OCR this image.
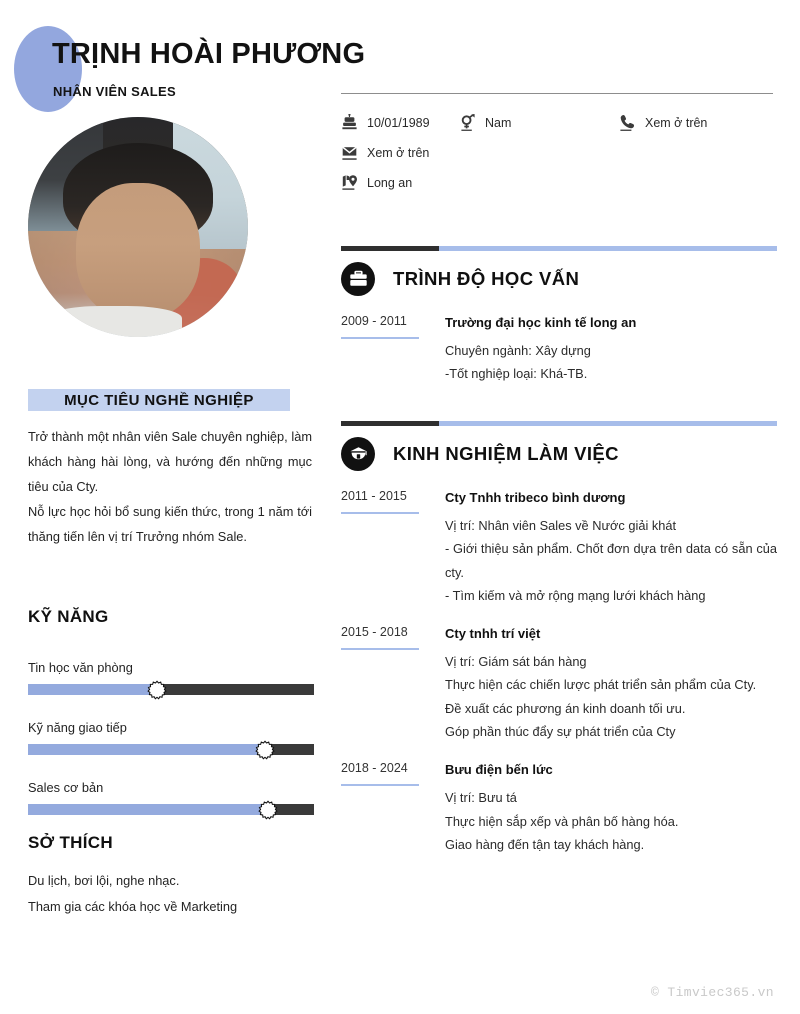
TRỊNH HOÀI PHƯƠNG
NHÂN VIÊN SALES
10/01/1989	Nam	Xem ở trên
Xem ở trên
Long an
TRÌNH ĐỘ HỌC VẤN
2009 - 2011	Trường đại học kinh tế long an
Chuyên ngành: Xây dựng
-Tốt nghiệp loại: Khá-TB.
KINH NGHIỆM LÀM VIỆC
2011 - 2015	Cty Tnhh tribeco bình dương
Vị trí: Nhân viên Sales về Nước giải khát
- Giới thiệu sản phẩm. Chốt đơn dựa trên data có sẵn của cty.
- Tìm kiếm và mở rộng mạng lưới khách hàng
2015 - 2018	Cty tnhh trí việt
Vị trí: Giám sát bán hàng
Thực hiện các chiến lược phát triển sản phẩm của Cty.
Đề xuất các phương án kinh doanh tối ưu.
Góp phần thúc đẩy sự phát triển của Cty
2018 - 2024	Bưu điện bến lức
Vị trí: Bưu tá
Thực hiện sắp xếp và phân bố hàng hóa.
Giao hàng đến tận tay khách hàng.
MỤC TIÊU NGHỀ NGHIỆP

Trở thành một nhân viên Sale chuyên nghiệp, làm khách hàng hài lòng, và hướng đến những mục tiêu của Cty.

Nỗ lực học hỏi bổ sung kiến thức, trong 1 năm tới thăng tiến lên vị trí Trưởng nhóm Sale.

KỸ NĂNG
Tin học văn phòng
Kỹ năng giao tiếp
Sales cơ bản
SỞ THÍCH

Du lịch, bơi lội, nghe nhạc.

Tham gia các khóa học về Marketing

© Timviec365.vn
